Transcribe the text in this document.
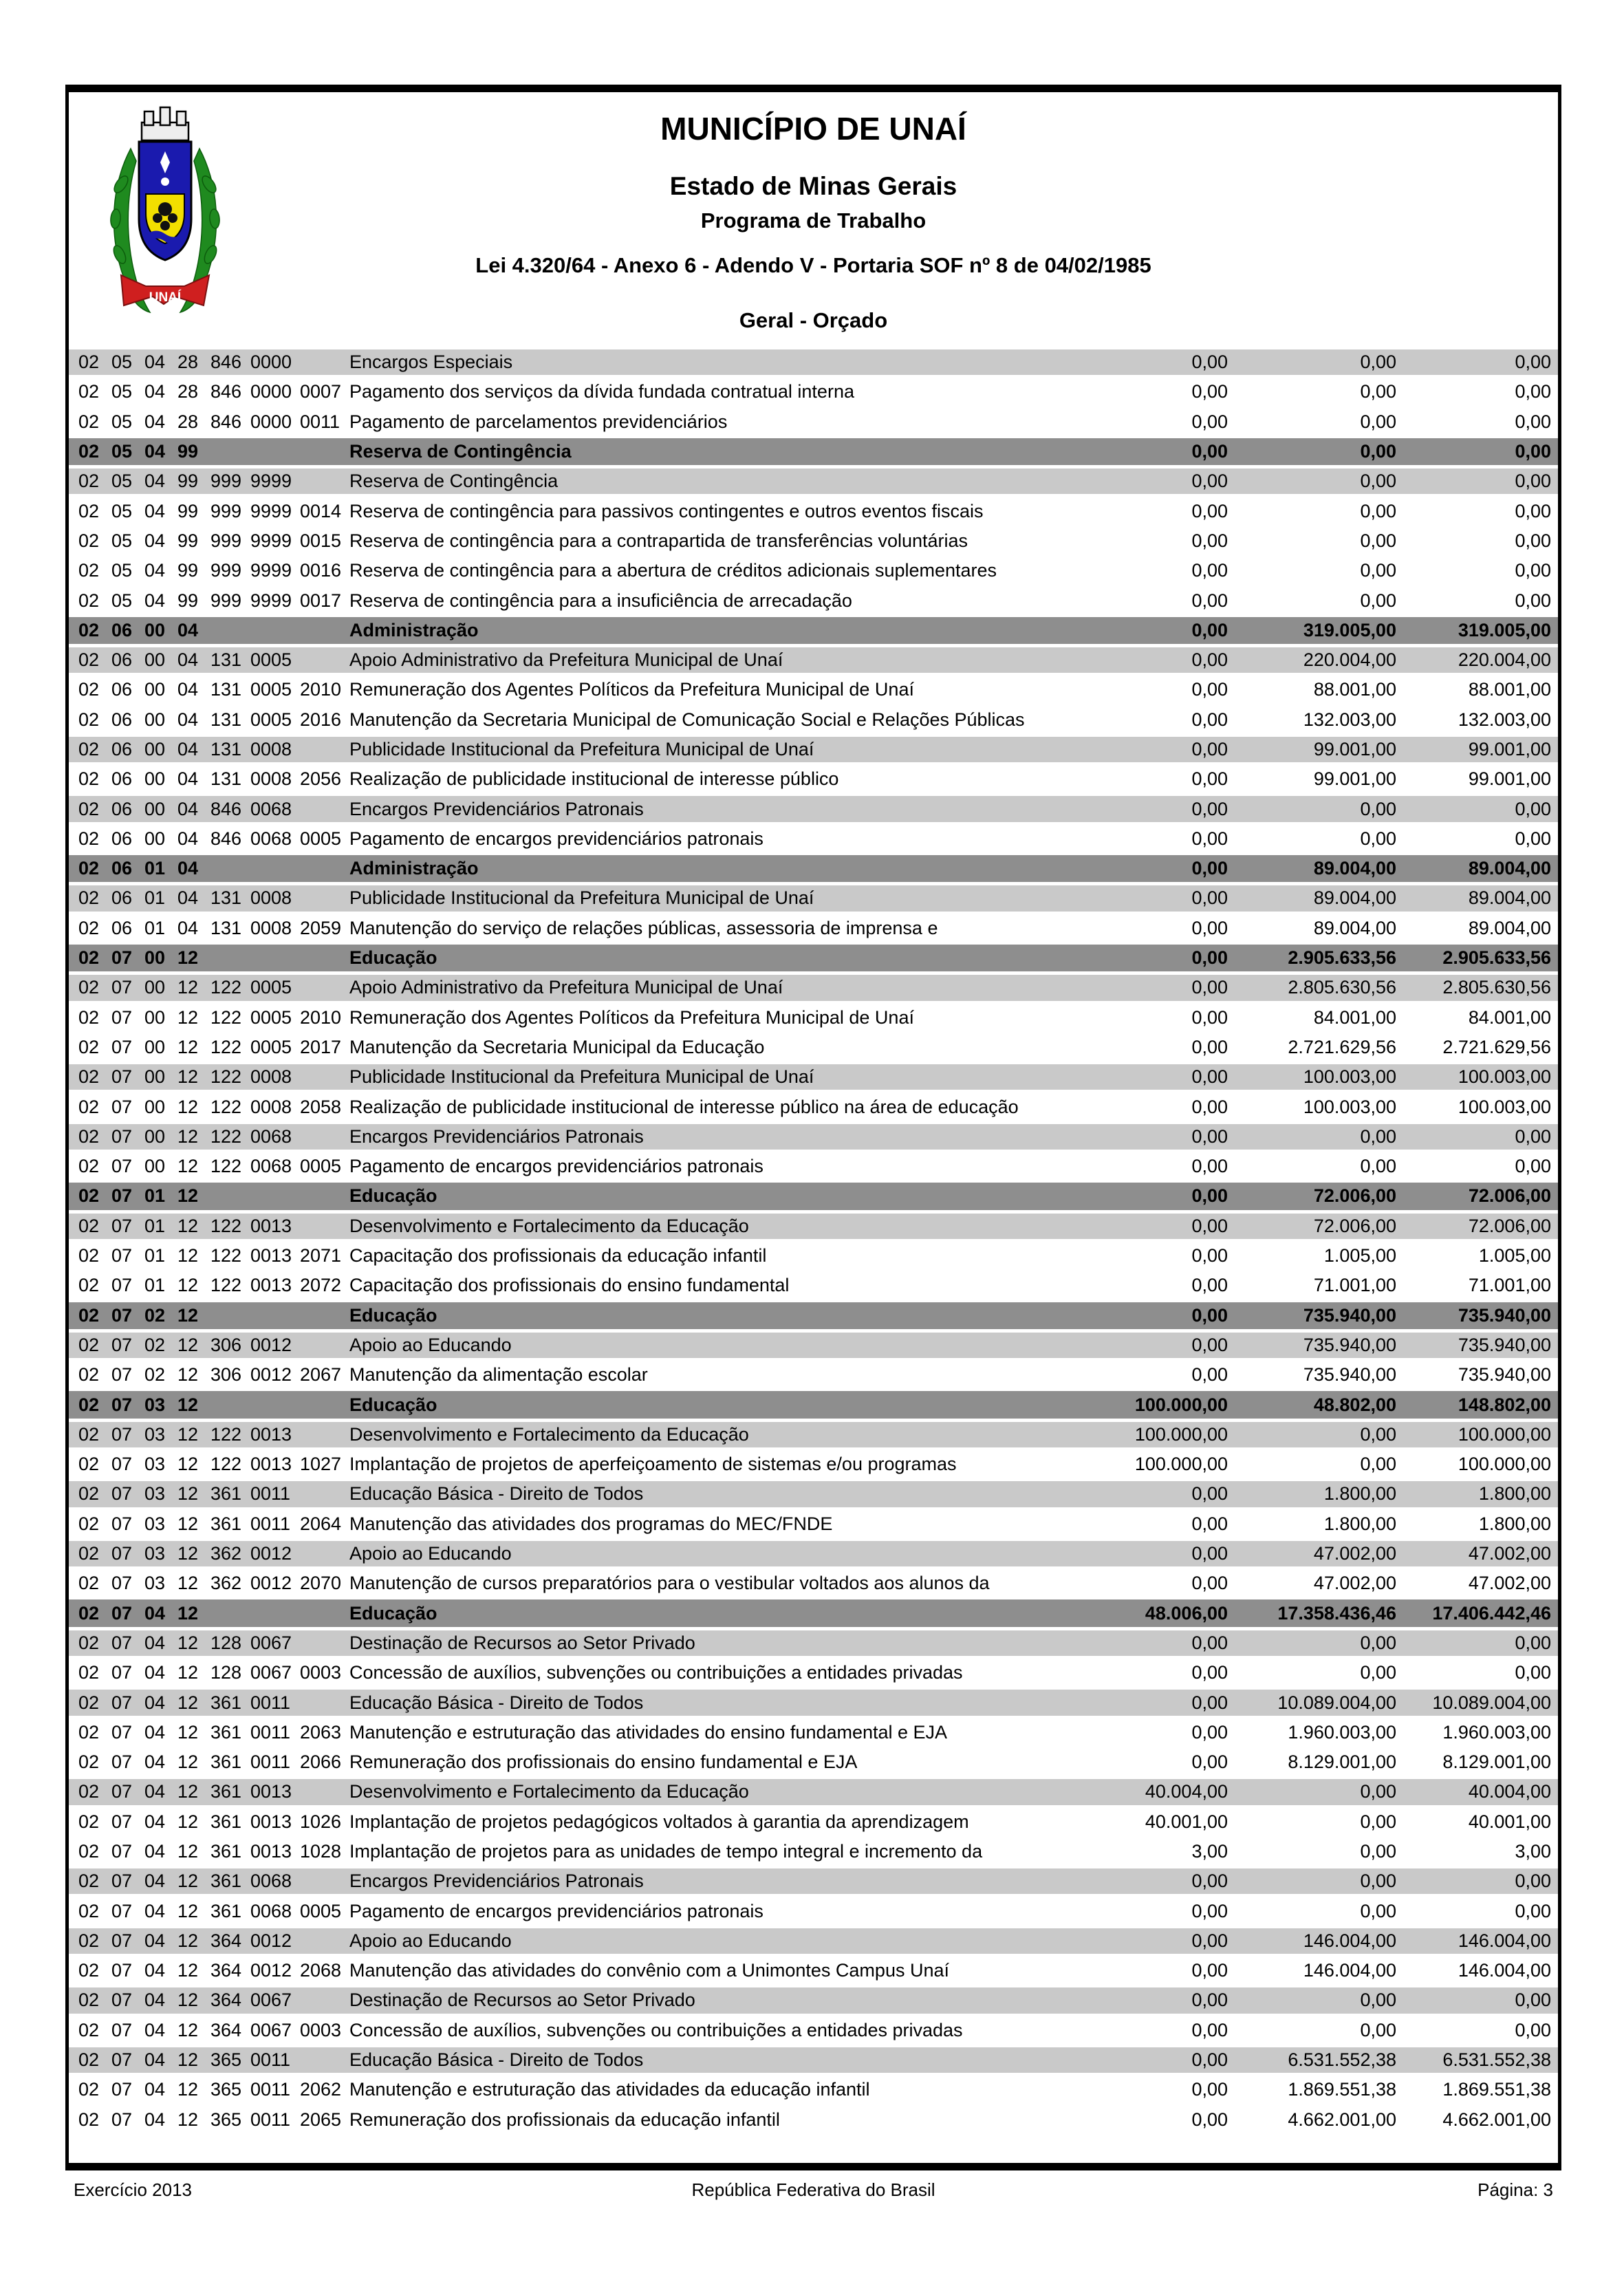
UNAÍ
MUNICÍPIO DE UNAÍ
Estado de Minas Gerais
Programa de Trabalho
Lei 4.320/64 - Anexo 6 - Adendo V - Portaria SOF nº 8 de 04/02/1985
Geral - Orçado
02 05 04 28 846 0000	Encargos Especiais	0,00	0,00	0,00
02 05 04 28 846 0000 0007 Pagamento dos serviços da dívida fundada contratual interna	0,00	0,00	0,00
02 05 04 28 846 0000 0011 Pagamento de parcelamentos previdenciários	0,00	0,00	0,00
02 05 04 99	Reserva de Contingência	0,00	0,00	0,00
02 05 04 99 999 9999	Reserva de Contingência	0,00	0,00	0,00
02 05 04 99 999 9999 0014 Reserva de contingência para passivos contingentes e outros eventos fiscais	0,00	0,00	0,00
02 05 04 99 999 9999 0015 Reserva de contingência para a contrapartida de transferências voluntárias	0,00	0,00	0,00
02 05 04 99 999 9999 0016 Reserva de contingência para a abertura de créditos adicionais suplementares	0,00	0,00	0,00
02 05 04 99 999 9999 0017 Reserva de contingência para a insuficiência de arrecadação	0,00	0,00	0,00
02 06 00 04	Administração	0,00	319.005,00	319.005,00
02 06 00 04 131 0005	Apoio Administrativo da Prefeitura Municipal de Unaí	0,00	220.004,00	220.004,00
02 06 00 04 131 0005 2010 Remuneração dos Agentes Políticos da Prefeitura Municipal de Unaí	0,00	88.001,00	88.001,00
02 06 00 04 131 0005 2016 Manutenção da Secretaria Municipal de Comunicação Social e Relações Públicas	0,00	132.003,00	132.003,00
02 06 00 04 131 0008	Publicidade Institucional da Prefeitura Municipal de Unaí	0,00	99.001,00	99.001,00
02 06 00 04 131 0008 2056 Realização de publicidade institucional de interesse público	0,00	99.001,00	99.001,00
02 06 00 04 846 0068	Encargos Previdenciários Patronais	0,00	0,00	0,00
02 06 00 04 846 0068 0005 Pagamento de encargos previdenciários patronais	0,00	0,00	0,00
02 06 01 04	Administração	0,00	89.004,00	89.004,00
02 06 01 04 131 0008	Publicidade Institucional da Prefeitura Municipal de Unaí	0,00	89.004,00	89.004,00
02 06 01 04 131 0008 2059 Manutenção do serviço de relações públicas, assessoria de imprensa e	0,00	89.004,00	89.004,00
02 07 00 12	Educação	0,00	2.905.633,56	2.905.633,56
02 07 00 12 122 0005	Apoio Administrativo da Prefeitura Municipal de Unaí	0,00	2.805.630,56	2.805.630,56
02 07 00 12 122 0005 2010 Remuneração dos Agentes Políticos da Prefeitura Municipal de Unaí	0,00	84.001,00	84.001,00
02 07 00 12 122 0005 2017 Manutenção da Secretaria Municipal da Educação	0,00	2.721.629,56	2.721.629,56
02 07 00 12 122 0008	Publicidade Institucional da Prefeitura Municipal de Unaí	0,00	100.003,00	100.003,00
02 07 00 12 122 0008 2058 Realização de publicidade institucional de interesse público na área de educação	0,00	100.003,00	100.003,00
02 07 00 12 122 0068	Encargos Previdenciários Patronais	0,00	0,00	0,00
02 07 00 12 122 0068 0005 Pagamento de encargos previdenciários patronais	0,00	0,00	0,00
02 07 01 12	Educação	0,00	72.006,00	72.006,00
02 07 01 12 122 0013	Desenvolvimento e Fortalecimento da Educação	0,00	72.006,00	72.006,00
02 07 01 12 122 0013 2071 Capacitação dos profissionais da educação infantil	0,00	1.005,00	1.005,00
02 07 01 12 122 0013 2072 Capacitação dos profissionais do ensino fundamental	0,00	71.001,00	71.001,00
02 07 02 12	Educação	0,00	735.940,00	735.940,00
02 07 02 12 306 0012	Apoio ao Educando	0,00	735.940,00	735.940,00
02 07 02 12 306 0012 2067 Manutenção da alimentação escolar	0,00	735.940,00	735.940,00
02 07 03 12	Educação	100.000,00	48.802,00	148.802,00
02 07 03 12 122 0013	Desenvolvimento e Fortalecimento da Educação	100.000,00	0,00	100.000,00
02 07 03 12 122 0013 1027 Implantação de projetos de aperfeiçoamento de sistemas e/ou programas	100.000,00	0,00	100.000,00
02 07 03 12 361 0011	Educação Básica - Direito de Todos	0,00	1.800,00	1.800,00
02 07 03 12 361 0011 2064 Manutenção das atividades dos programas do MEC/FNDE	0,00	1.800,00	1.800,00
02 07 03 12 362 0012	Apoio ao Educando	0,00	47.002,00	47.002,00
02 07 03 12 362 0012 2070 Manutenção de cursos preparatórios para o vestibular voltados aos alunos da	0,00	47.002,00	47.002,00
02 07 04 12	Educação	48.006,00	17.358.436,46	17.406.442,46
02 07 04 12 128 0067	Destinação de Recursos ao Setor Privado	0,00	0,00	0,00
02 07 04 12 128 0067 0003 Concessão de auxílios, subvenções ou contribuições a entidades privadas	0,00	0,00	0,00
02 07 04 12 361 0011	Educação Básica - Direito de Todos	0,00	10.089.004,00	10.089.004,00
02 07 04 12 361 0011 2063 Manutenção e estruturação das atividades do ensino fundamental e EJA	0,00	1.960.003,00	1.960.003,00
02 07 04 12 361 0011 2066 Remuneração dos profissionais do ensino fundamental e EJA	0,00	8.129.001,00	8.129.001,00
02 07 04 12 361 0013	Desenvolvimento e Fortalecimento da Educação	40.004,00	0,00	40.004,00
02 07 04 12 361 0013 1026 Implantação de projetos pedagógicos voltados à garantia da aprendizagem	40.001,00	0,00	40.001,00
02 07 04 12 361 0013 1028 Implantação de projetos para as unidades de tempo integral e incremento da	3,00	0,00	3,00
02 07 04 12 361 0068	Encargos Previdenciários Patronais	0,00	0,00	0,00
02 07 04 12 361 0068 0005 Pagamento de encargos previdenciários patronais	0,00	0,00	0,00
02 07 04 12 364 0012	Apoio ao Educando	0,00	146.004,00	146.004,00
02 07 04 12 364 0012 2068 Manutenção das atividades do convênio com a Unimontes Campus Unaí	0,00	146.004,00	146.004,00
02 07 04 12 364 0067	Destinação de Recursos ao Setor Privado	0,00	0,00	0,00
02 07 04 12 364 0067 0003 Concessão de auxílios, subvenções ou contribuições a entidades privadas	0,00	0,00	0,00
02 07 04 12 365 0011	Educação Básica - Direito de Todos	0,00	6.531.552,38	6.531.552,38
02 07 04 12 365 0011 2062 Manutenção e estruturação das atividades da educação infantil	0,00	1.869.551,38	1.869.551,38
02 07 04 12 365 0011 2065 Remuneração dos profissionais da educação infantil	0,00	4.662.001,00	4.662.001,00
Exercício 2013	República Federativa do Brasil	Página: 3
